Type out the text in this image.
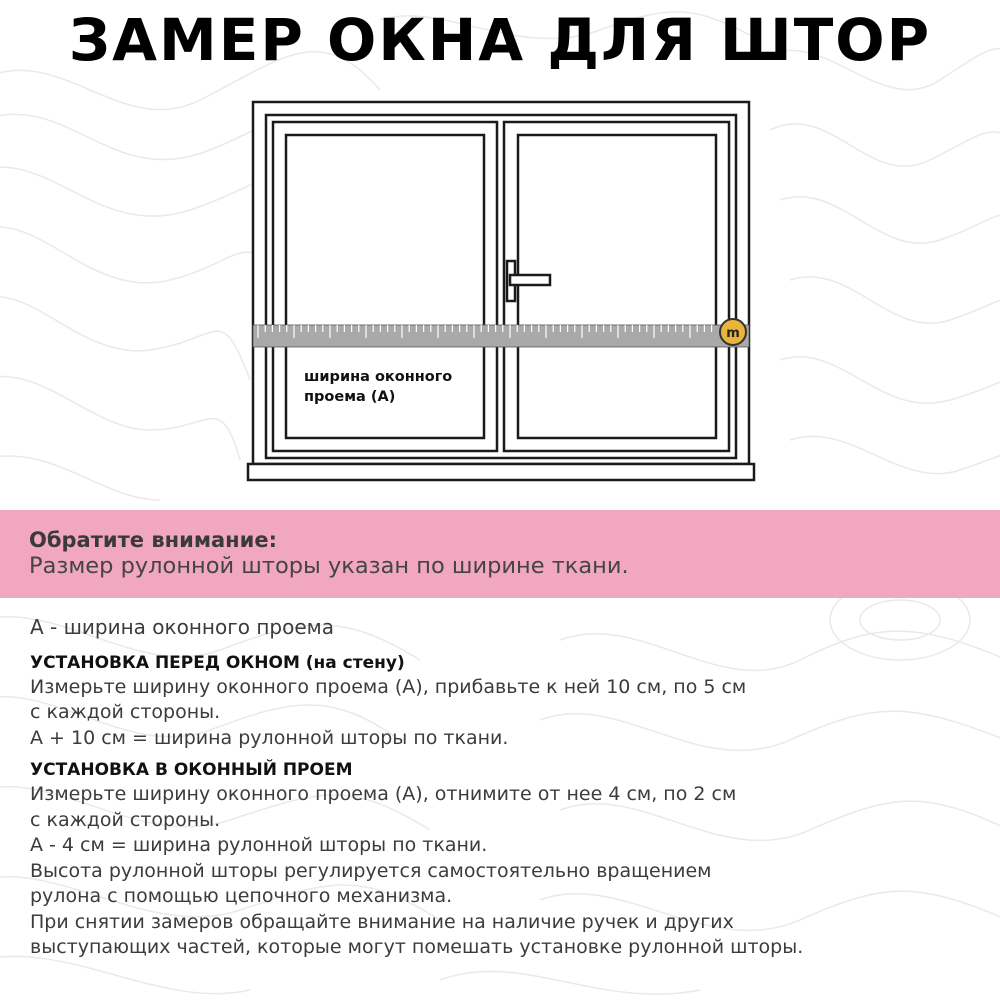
ЗАМЕР ОКНА ДЛЯ ШТОР
m
ширина оконного
проема (А)
Обратите внимание:
Размер рулонной шторы указан по ширине ткани.
А - ширина оконного проема
УСТАНОВКА ПЕРЕД ОКНОМ (на стену)
Измерьте ширину оконного проема (А), прибавьте к ней 10 см, по 5 см
с каждой стороны.
А + 10 см = ширина рулонной шторы по ткани.
УСТАНОВКА В ОКОННЫЙ ПРОЕМ
Измерьте ширину оконного проема (А), отнимите от нее 4 см, по 2 см
с каждой стороны.
А - 4 см = ширина рулонной шторы по ткани.
Высота рулонной шторы регулируется самостоятельно вращением
рулона с помощью цепочного механизма.
При снятии замеров обращайте внимание на наличие ручек и других
выступающих частей, которые могут помешать установке рулонной шторы.
